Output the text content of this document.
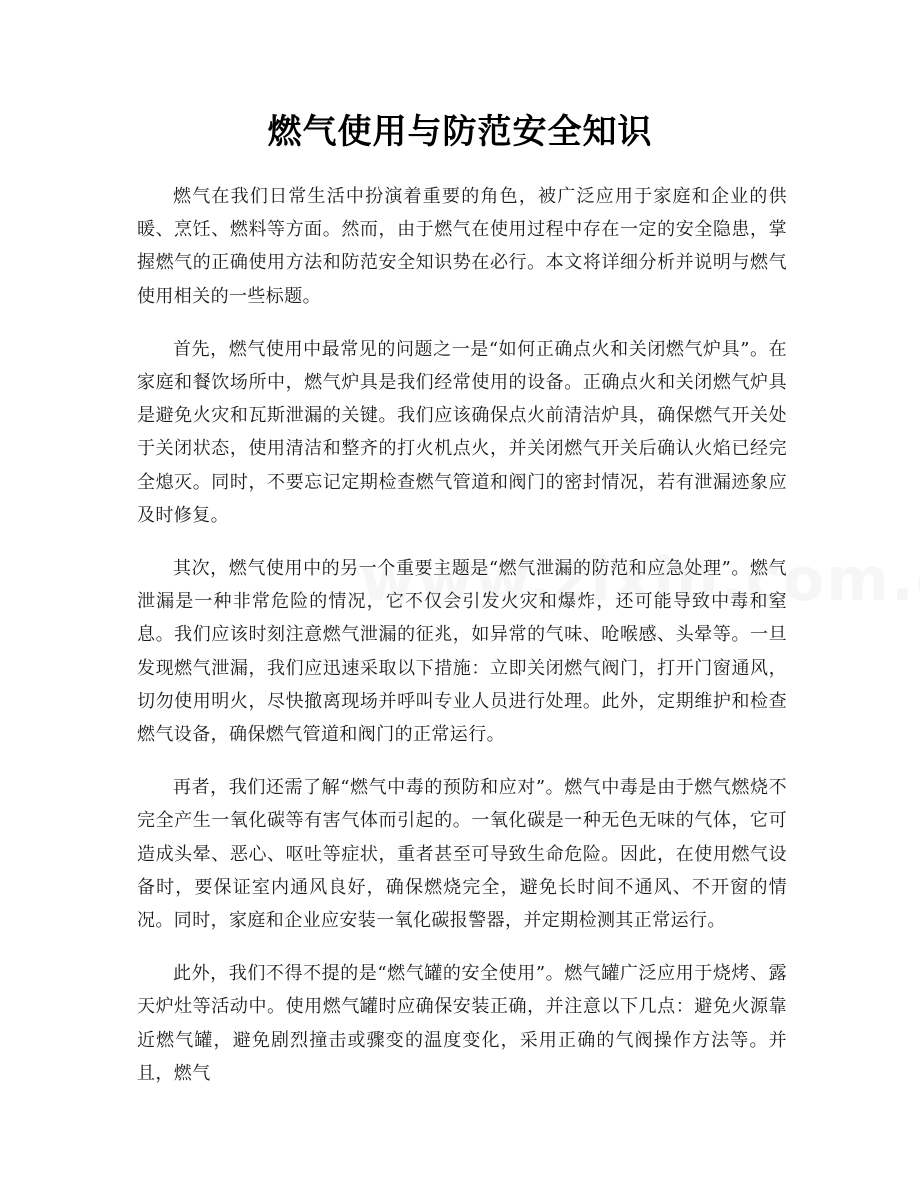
燃气使用与防范安全知识

燃气在我们日常生活中扮演着重要的角色，被广泛应用于家庭和企业的供暖、烹饪、燃料等方面。然而，由于燃气在使用过程中存在一定的安全隐患，掌握燃气的正确使用方法和防范安全知识势在必行。本文将详细分析并说明与燃气使用相关的一些标题。

首先，燃气使用中最常见的问题之一是“如何正确点火和关闭燃气炉具”。在家庭和餐饮场所中，燃气炉具是我们经常使用的设备。正确点火和关闭燃气炉具是避免火灾和瓦斯泄漏的关键。我们应该确保点火前清洁炉具，确保燃气开关处于关闭状态，使用清洁和整齐的打火机点火，并关闭燃气开关后确认火焰已经完全熄灭。同时，不要忘记定期检查燃气管道和阀门的密封情况，若有泄漏迹象应及时修复。

其次，燃气使用中的另一个重要主题是“燃气泄漏的防范和应急处理”。燃气泄漏是一种非常危险的情况，它不仅会引发火灾和爆炸，还可能导致中毒和窒息。我们应该时刻注意燃气泄漏的征兆，如异常的气味、呛喉感、头晕等。一旦发现燃气泄漏，我们应迅速采取以下措施：立即关闭燃气阀门，打开门窗通风，切勿使用明火，尽快撤离现场并呼叫专业人员进行处理。此外，定期维护和检查燃气设备，确保燃气管道和阀门的正常运行。

再者，我们还需了解“燃气中毒的预防和应对”。燃气中毒是由于燃气燃烧不完全产生一氧化碳等有害气体而引起的。一氧化碳是一种无色无味的气体，它可造成头晕、恶心、呕吐等症状，重者甚至可导致生命危险。因此，在使用燃气设备时，要保证室内通风良好，确保燃烧完全，避免长时间不通风、不开窗的情况。同时，家庭和企业应安装一氧化碳报警器，并定期检测其正常运行。

此外，我们不得不提的是“燃气罐的安全使用”。燃气罐广泛应用于烧烤、露天炉灶等活动中。使用燃气罐时应确保安装正确，并注意以下几点：避免火源靠近燃气罐，避免剧烈撞击或骤变的温度变化，采用正确的气阀操作方法等。并且，燃气
